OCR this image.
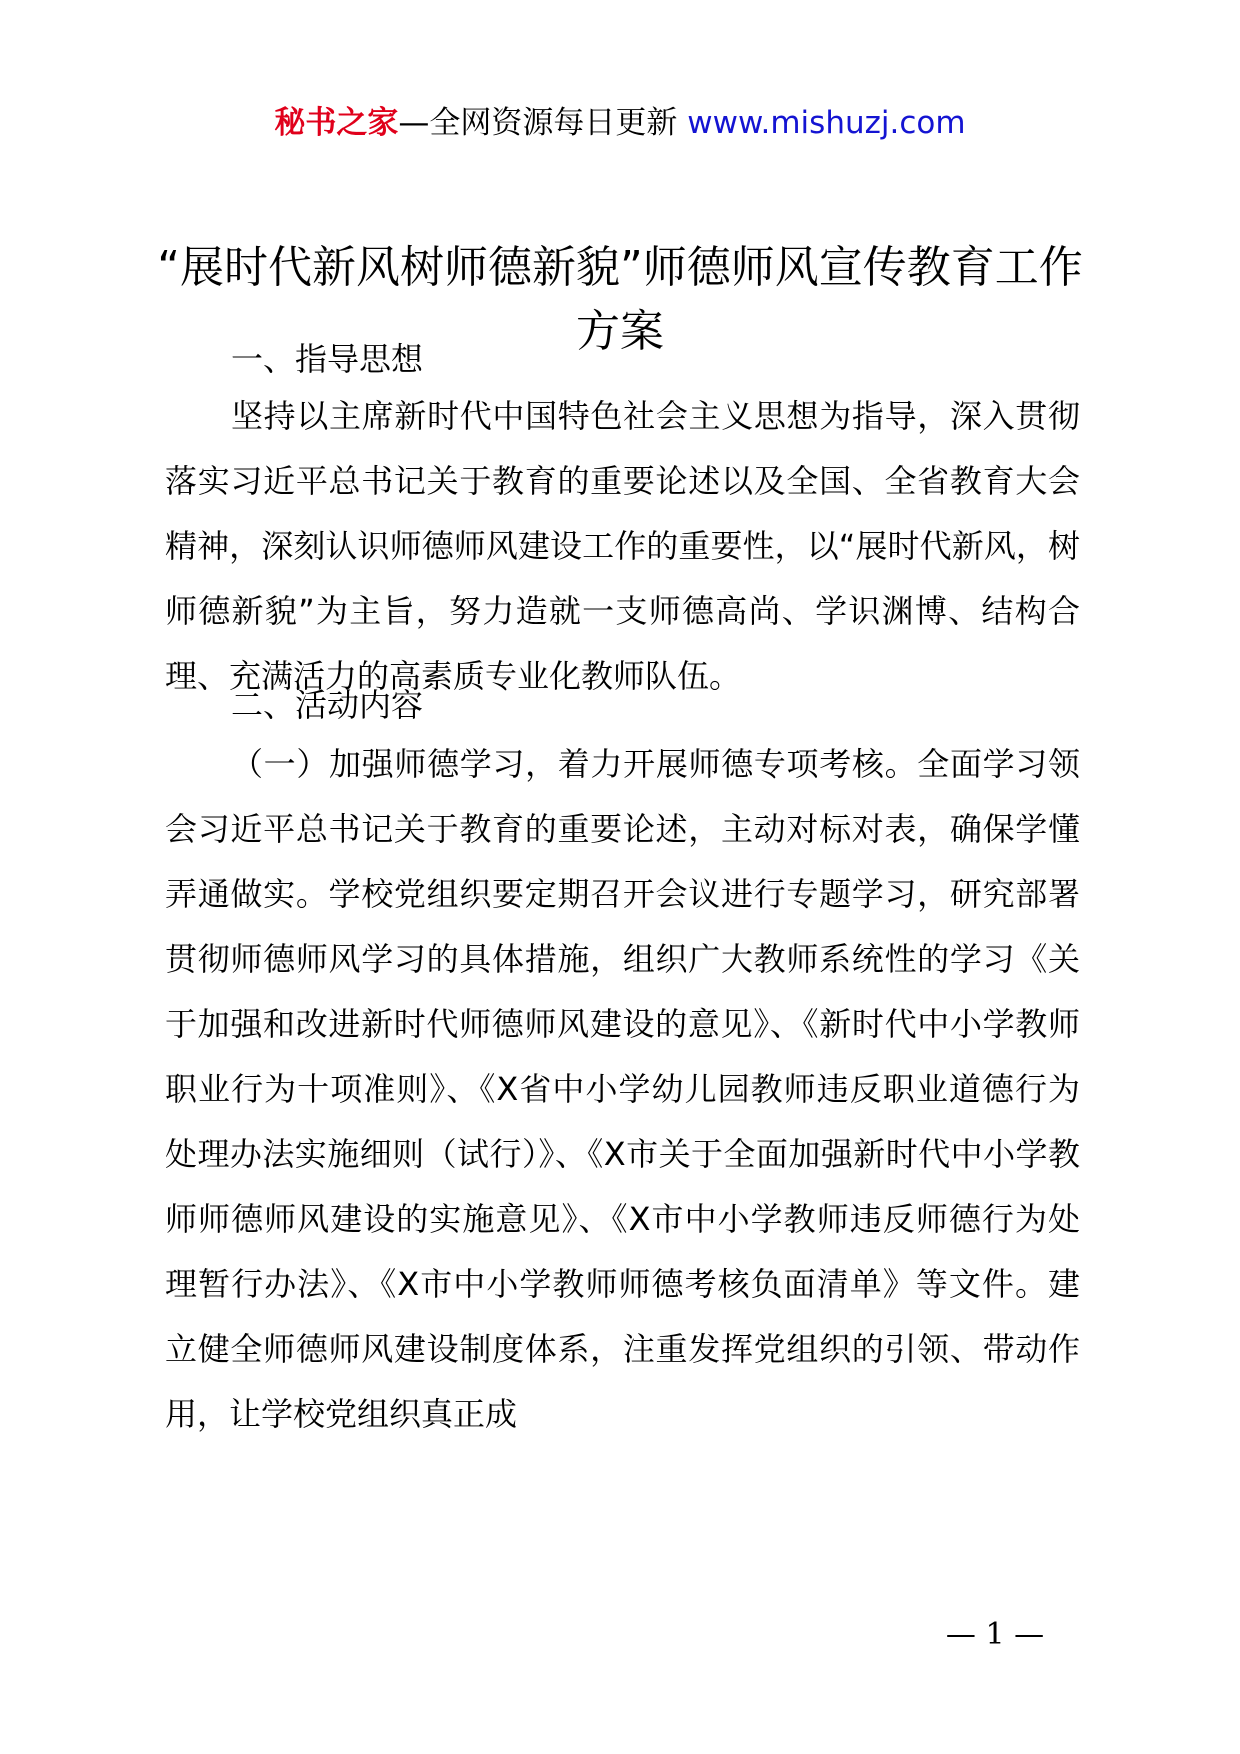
秘书之家—全网资源每日更新 www.mishuzj.com
“展时代新风树师德新貌”师德师风宣传教育工作方案
一、指导思想
坚持以主席新时代中国特色社会主义思想为指导，深入贯彻落实习近平总书记关于教育的重要论述以及全国、全省教育大会精神，深刻认识师德师风建设工作的重要性，以“展时代新风，树师德新貌”为主旨，努力造就一支师德高尚、学识渊博、结构合理、充满活力的高素质专业化教师队伍。
二、活动内容
（一）加强师德学习，着力开展师德专项考核。全面学习领会习近平总书记关于教育的重要论述，主动对标对表，确保学懂弄通做实。学校党组织要定期召开会议进行专题学习，研究部署贯彻师德师风学习的具体措施，组织广大教师系统性的学习《关于加强和改进新时代师德师风建设的意见》、《新时代中小学教师职业行为十项准则》、《X省中小学幼儿园教师违反职业道德行为处理办法实施细则（试行）》、《X市关于全面加强新时代中小学教师师德师风建设的实施意见》、《X市中小学教师违反师德行为处理暂行办法》、《X市中小学教师师德考核负面清单》等文件。建立健全师德师风建设制度体系，注重发挥党组织的引领、带动作用，让学校党组织真正成
— 1 —
